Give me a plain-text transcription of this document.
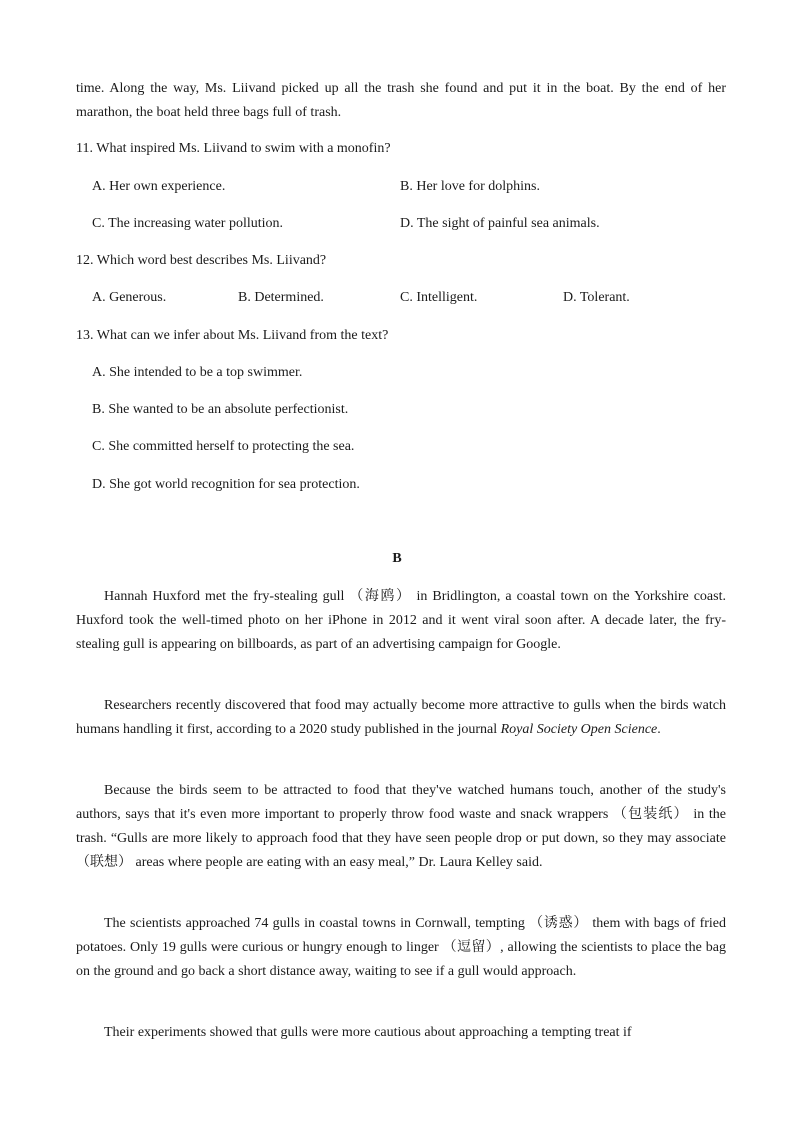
time. Along the way, Ms. Liivand picked up all the trash she found and put it in the boat. By the end of her marathon, the boat held three bags full of trash.

11. What inspired Ms. Liivand to swim with a monofin?

A. Her own experience.	B. Her love for dolphins.

C. The increasing water pollution.	D. The sight of painful sea animals.

12. Which word best describes Ms. Liivand?

A. Generous.	B. Determined.	C. Intelligent.	D. Tolerant.

13. What can we infer about Ms. Liivand from the text?

A. She intended to be a top swimmer.

B. She wanted to be an absolute perfectionist.

C. She committed herself to protecting the sea.

D. She got world recognition for sea protection.

B

Hannah Huxford met the fry-stealing gull （海鸥） in Bridlington, a coastal town on the Yorkshire coast. Huxford took the well-timed photo on her iPhone in 2012 and it went viral soon after. A decade later, the fry-stealing gull is appearing on billboards, as part of an advertising campaign for Google.

Researchers recently discovered that food may actually become more attractive to gulls when the birds watch humans handling it first, according to a 2020 study published in the journal Royal Society Open Science.

Because the birds seem to be attracted to food that they've watched humans touch, another of the study's authors, says that it's even more important to properly throw food waste and snack wrappers （包装纸） in the trash. “Gulls are more likely to approach food that they have seen people drop or put down, so they may associate （联想） areas where people are eating with an easy meal,” Dr. Laura Kelley said.

The scientists approached 74 gulls in coastal towns in Cornwall, tempting （诱惑） them with bags of fried potatoes. Only 19 gulls were curious or hungry enough to linger （逗留）, allowing the scientists to place the bag on the ground and go back a short distance away, waiting to see if a gull would approach.

Their experiments showed that gulls were more cautious about approaching a tempting treat if
